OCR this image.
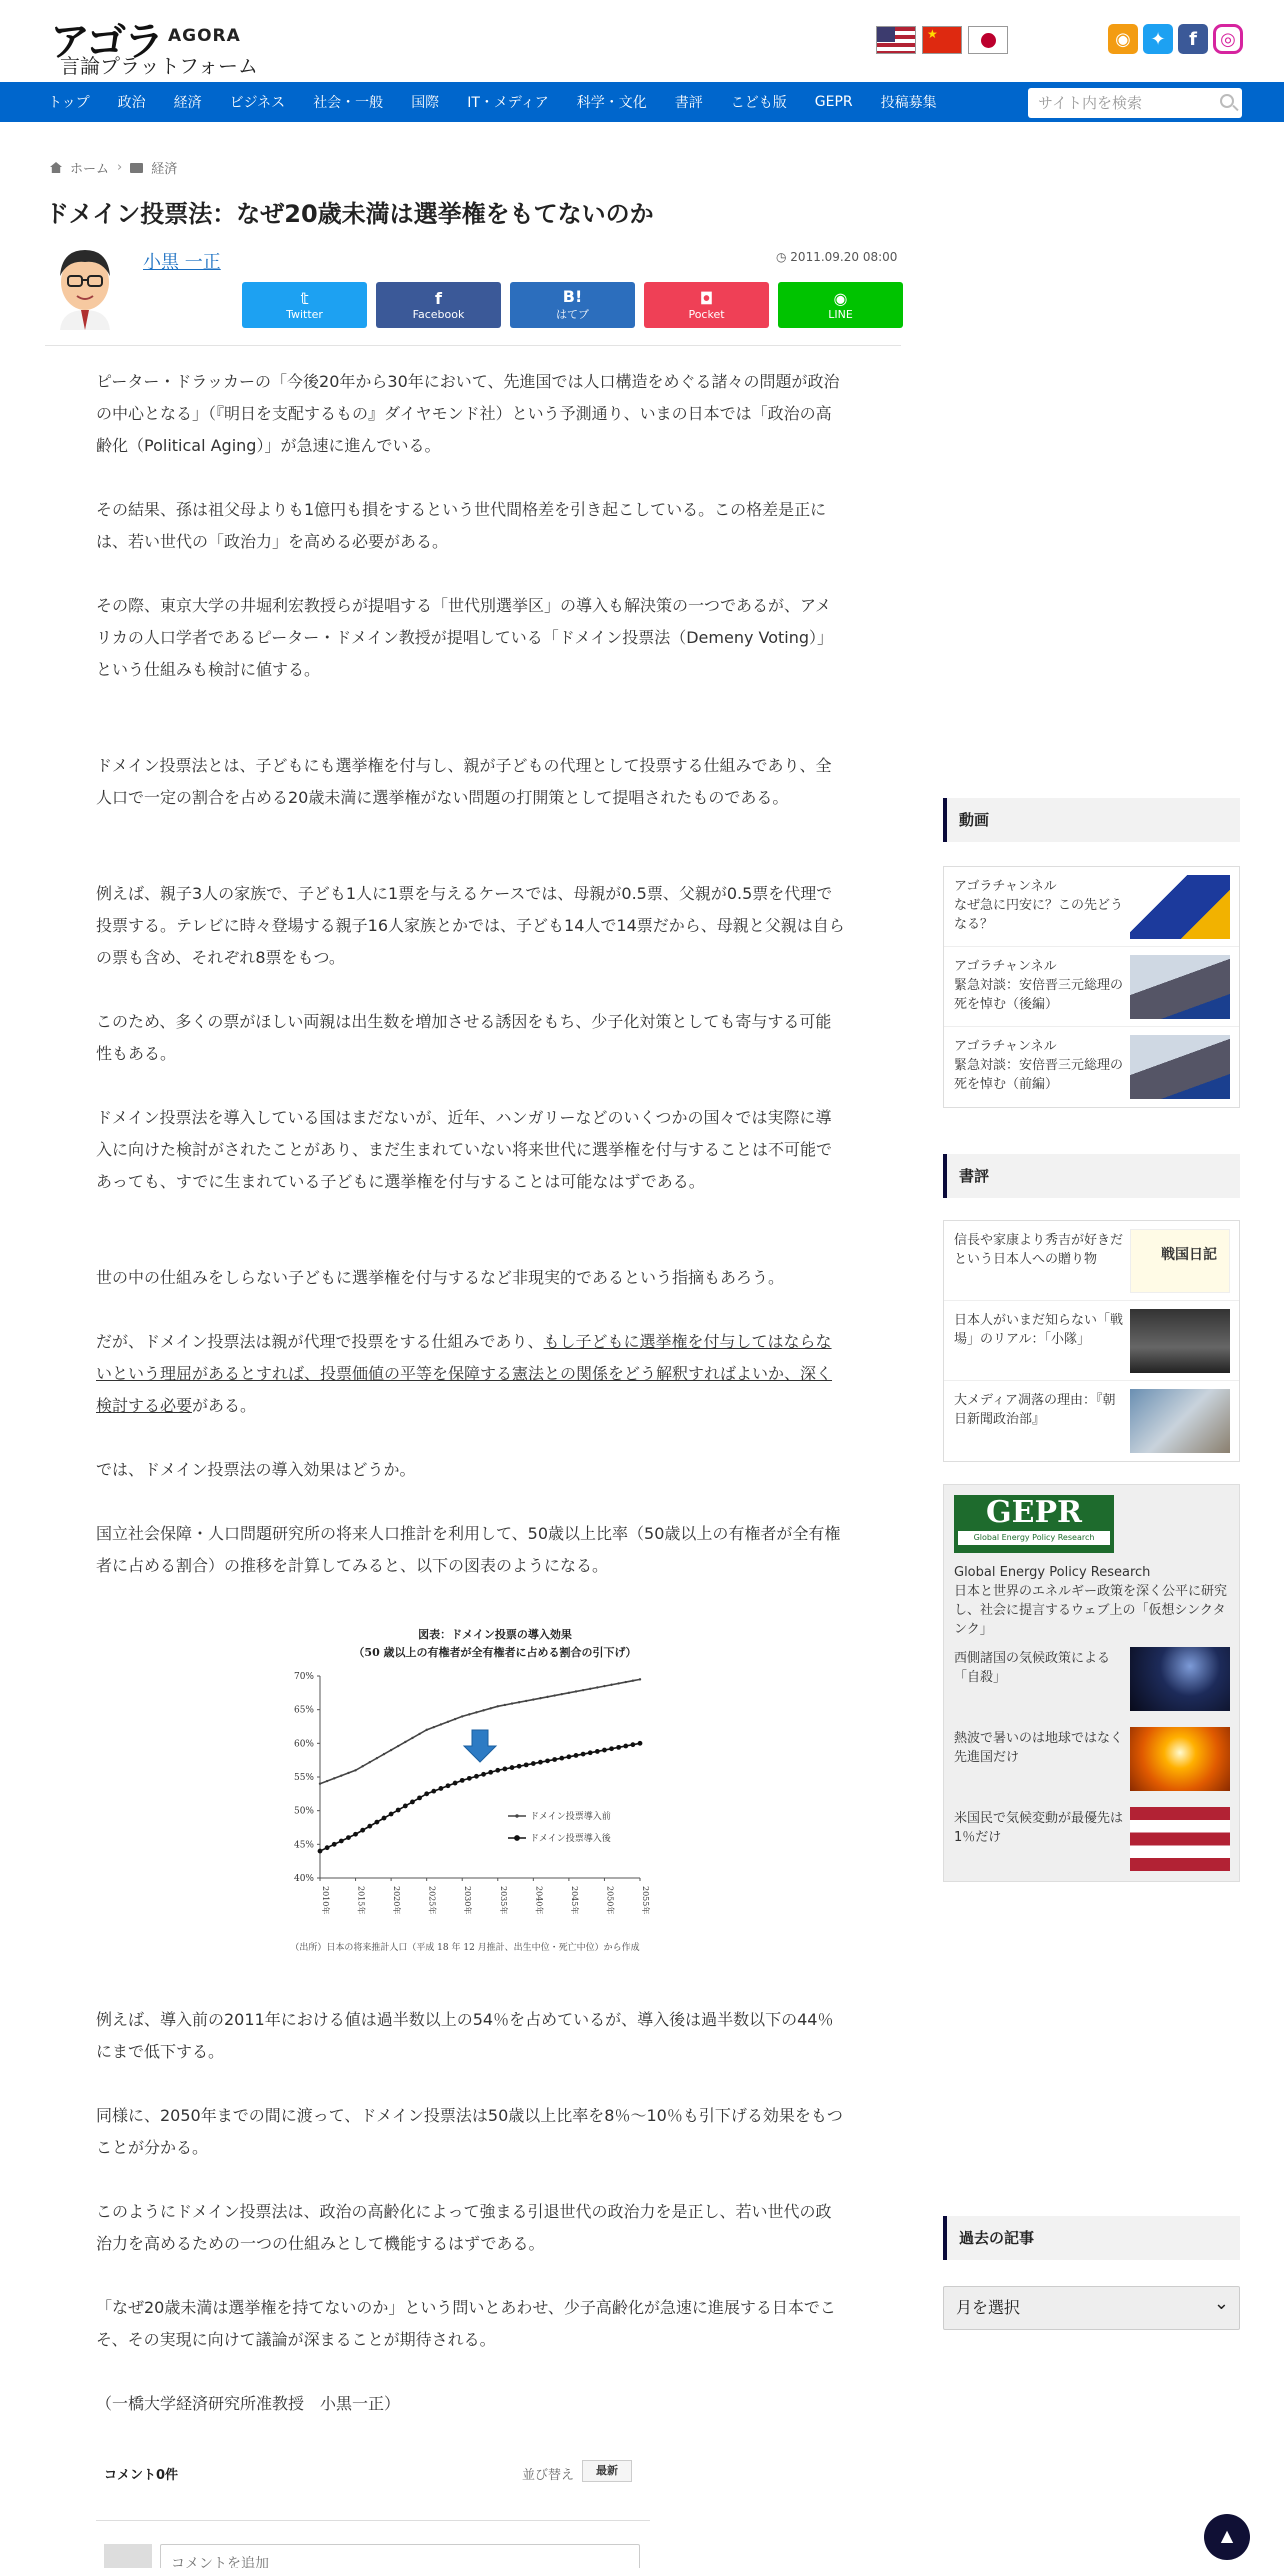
アゴラ AGORA
言論プラットフォーム
★
◉	✦	f	◎
トップ	政治	経済	ビジネス	社会・一般	国際	IT・メディア	科学・文化	書評	こども版	GEPR	投稿募集
サイト内を検索
ホーム › 経済
ドメイン投票法：なぜ20歳未満は選挙権をもてないのか
小黒 一正
◷	2011.09.20 08:00
𝕥
Twitter
f
Facebook
B!
はてブ
◘
Pocket
◉
LINE

ピーター・ドラッカーの「今後20年から30年において、先進国では人口構造をめぐる諸々の問題が政治の中心となる」（『明日を支配するもの』ダイヤモンド社）という予測通り、いまの日本では「政治の高齢化（Political Aging）」が急速に進んでいる。

その結果、孫は祖父母よりも1億円も損をするという世代間格差を引き起こしている。この格差是正には、若い世代の「政治力」を高める必要がある。

その際、東京大学の井堀利宏教授らが提唱する「世代別選挙区」の導入も解決策の一つであるが、アメリカの人口学者であるピーター・ドメイン教授が提唱している「ドメイン投票法（Demeny Voting）」という仕組みも検討に値する。

ドメイン投票法とは、子どもにも選挙権を付与し、親が子どもの代理として投票する仕組みであり、全人口で一定の割合を占める20歳未満に選挙権がない問題の打開策として提唱されたものである。

例えば、親子3人の家族で、子ども1人に1票を与えるケースでは、母親が0.5票、父親が0.5票を代理で投票する。テレビに時々登場する親子16人家族とかでは、子ども14人で14票だから、母親と父親は自らの票も含め、それぞれ8票をもつ。

このため、多くの票がほしい両親は出生数を増加させる誘因をもち、少子化対策としても寄与する可能性もある。

ドメイン投票法を導入している国はまだないが、近年、ハンガリーなどのいくつかの国々では実際に導入に向けた検討がされたことがあり、まだ生まれていない将来世代に選挙権を付与することは不可能であっても、すでに生まれている子どもに選挙権を付与することは可能なはずである。

世の中の仕組みをしらない子どもに選挙権を付与するなど非現実的であるという指摘もあろう。

だが、ドメイン投票法は親が代理で投票をする仕組みであり、もし子どもに選挙権を付与してはならないという理屈があるとすれば、投票価値の平等を保障する憲法との関係をどう解釈すればよいか、深く検討する必要がある。

では、ドメイン投票法の導入効果はどうか。

国立社会保障・人口問題研究所の将来人口推計を利用して、50歳以上比率（50歳以上の有権者が全有権者に占める割合）の推移を計算してみると、以下の図表のようになる。

図表：ドメイン投票の導入効果
（50 歳以上の有権者が全有権者に占める割合の引下げ）
（出所）日本の将来推計人口（平成 18 年 12 月推計、出生中位・死亡中位）から作成
70%
65%
60%
55%
50%
45%
40%
2010年	2015年	2020年	2025年	2030年	2035年	2040年	2045年	2050年	2055年
ドメイン投票導入前
ドメイン投票導入後

例えば、導入前の2011年における値は過半数以上の54％を占めているが、導入後は過半数以下の44％にまで低下する。

同様に、2050年までの間に渡って、ドメイン投票法は50歳以上比率を8％～10％も引下げる効果をもつことが分かる。

このようにドメイン投票法は、政治の高齢化によって強まる引退世代の政治力を是正し、若い世代の政治力を高めるための一つの仕組みとして機能するはずである。

「なぜ20歳未満は選挙権を持てないのか」という問いとあわせ、少子高齢化が急速に進展する日本でこそ、その実現に向けて議論が深まることが期待される。

（一橋大学経済研究所准教授　小黒一正）

コメント0件	並び替え	最新
コメントを追加
▲
動画
アゴラチャンネル
なぜ急に円安に？この先どうなる？
アゴラチャンネル
緊急対談：安倍晋三元総理の死を悼む（後編）
アゴラチャンネル
緊急対談：安倍晋三元総理の死を悼む（前編）
書評
信長や家康より秀吉が好きだという日本人への贈り物	戦国日記
日本人がいまだ知らない「戦場」のリアル：「小隊」
大メディア凋落の理由：『朝日新聞政治部』
GEPR
Global Energy Policy Research
Global Energy Policy Research
日本と世界のエネルギー政策を深く公平に研究し、社会に提言するウェブ上の「仮想シンクタンク」
西側諸国の気候政策による「自殺」
熱波で暑いのは地球ではなく先進国だけ
米国民で気候変動が最優先は1％だけ
過去の記事
月を選択 ⌄
